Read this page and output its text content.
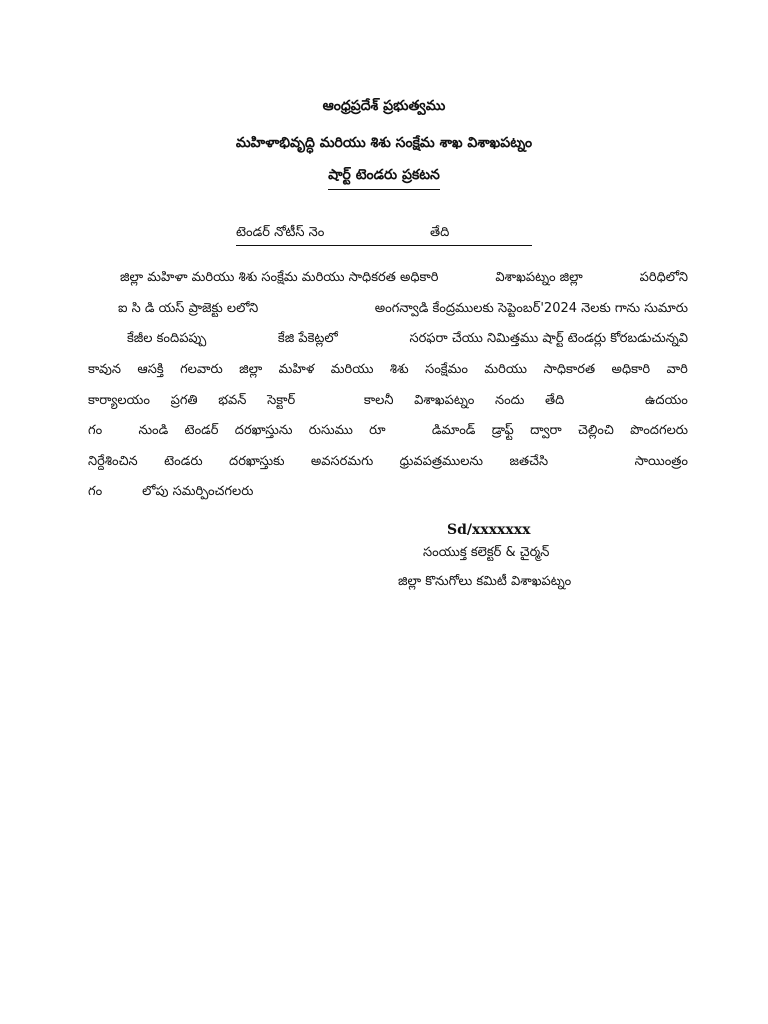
ఆంధ్రప్రదేశ్ ప్రభుత్వము
మహిళాభివృద్ధి మరియు శిశు సంక్షేమ శాఖ విశాఖపట్నం
షార్ట్ టెండరు ప్రకటన
టెండర్ నోటీస్ నెం	తేది
జిల్లా మహిళా మరియు శిశు సంక్షేమ మరియు సాధికరత అధికారి	విశాఖపట్నం జిల్లా	పరిధిలోని
ఐ సి డి యస్ ప్రాజెక్టు లలోని	అంగన్వాడి కేంద్రములకు సెప్టెంబర్'2024 నెలకు గాను సుమారు
కేజీల కందిపప్పు	కేజి పేకెట్లలో	సరఫరా చేయు నిమిత్తము షార్ట్ టెండర్లు కోరబడుచున్నవి
కావున ఆసక్తి గలవారు జిల్లా మహిళ మరియు శిశు సంక్షేమం మరియు సాధికారత అధికారి వారి
కార్యాలయం ప్రగతి భవన్ సెక్టార్	కాలనీ విశాఖపట్నం నందు తేది	ఉదయం
గం	నుండి టెండర్ దరఖాస్తును రుసుము రూ	డిమాండ్ డ్రాఫ్ట్ ద్వారా చెల్లించి పొందగలరు
నిర్దేశించిన టెండరు దరఖాస్తుకు అవసరమగు ధ్రువపత్రములను జతచేసి	సాయింత్రం
గం	లోపు సమర్పించగలరు
Sd/xxxxxxx
సంయుక్త కలెక్టర్ & చైర్మన్
జిల్లా కొనుగోలు కమిటీ విశాఖపట్నం
